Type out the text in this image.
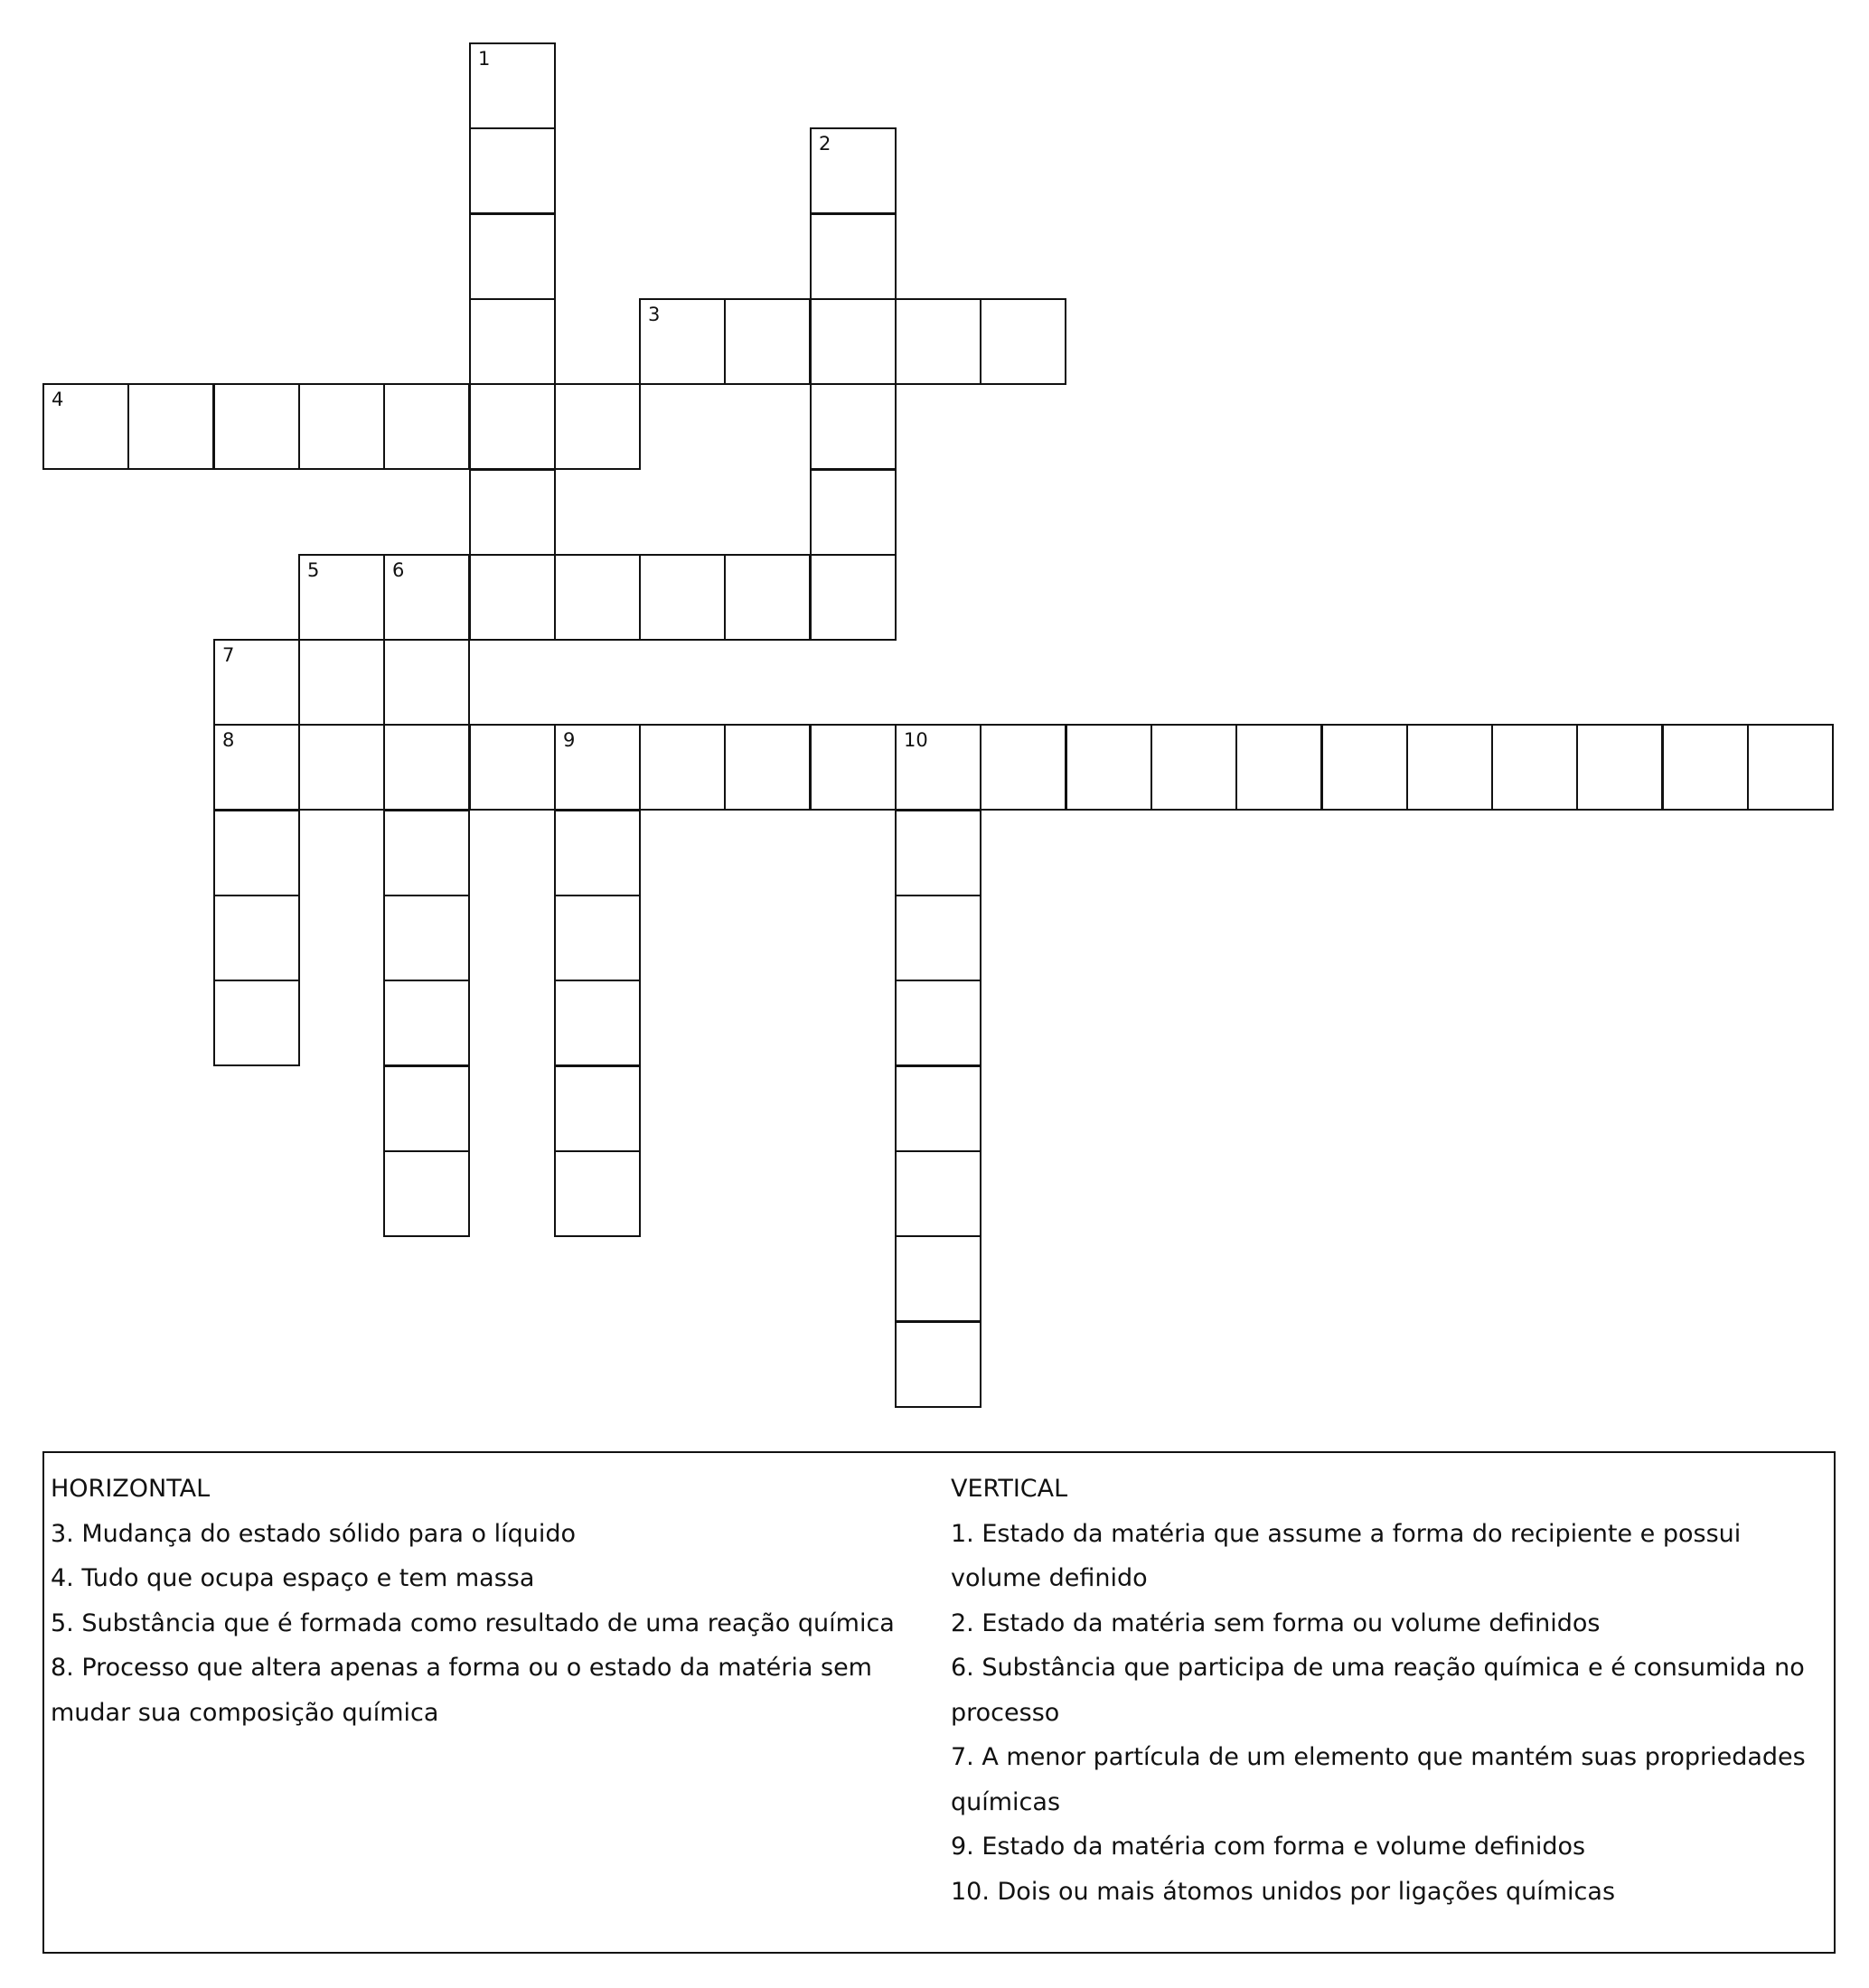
1
2
3
4
5	6
7
8	9	10
HORIZONTAL
3. Mudança do estado sólido para o líquido
4. Tudo que ocupa espaço e tem massa
5. Substância que é formada como resultado de uma reação química
8. Processo que altera apenas a forma ou o estado da matéria sem mudar sua composição química
VERTICAL
1. Estado da matéria que assume a forma do recipiente e possui volume definido
2. Estado da matéria sem forma ou volume definidos
6. Substância que participa de uma reação química e é consumida no processo
7. A menor partícula de um elemento que mantém suas propriedades químicas
9. Estado da matéria com forma e volume definidos
10. Dois ou mais átomos unidos por ligações químicas
